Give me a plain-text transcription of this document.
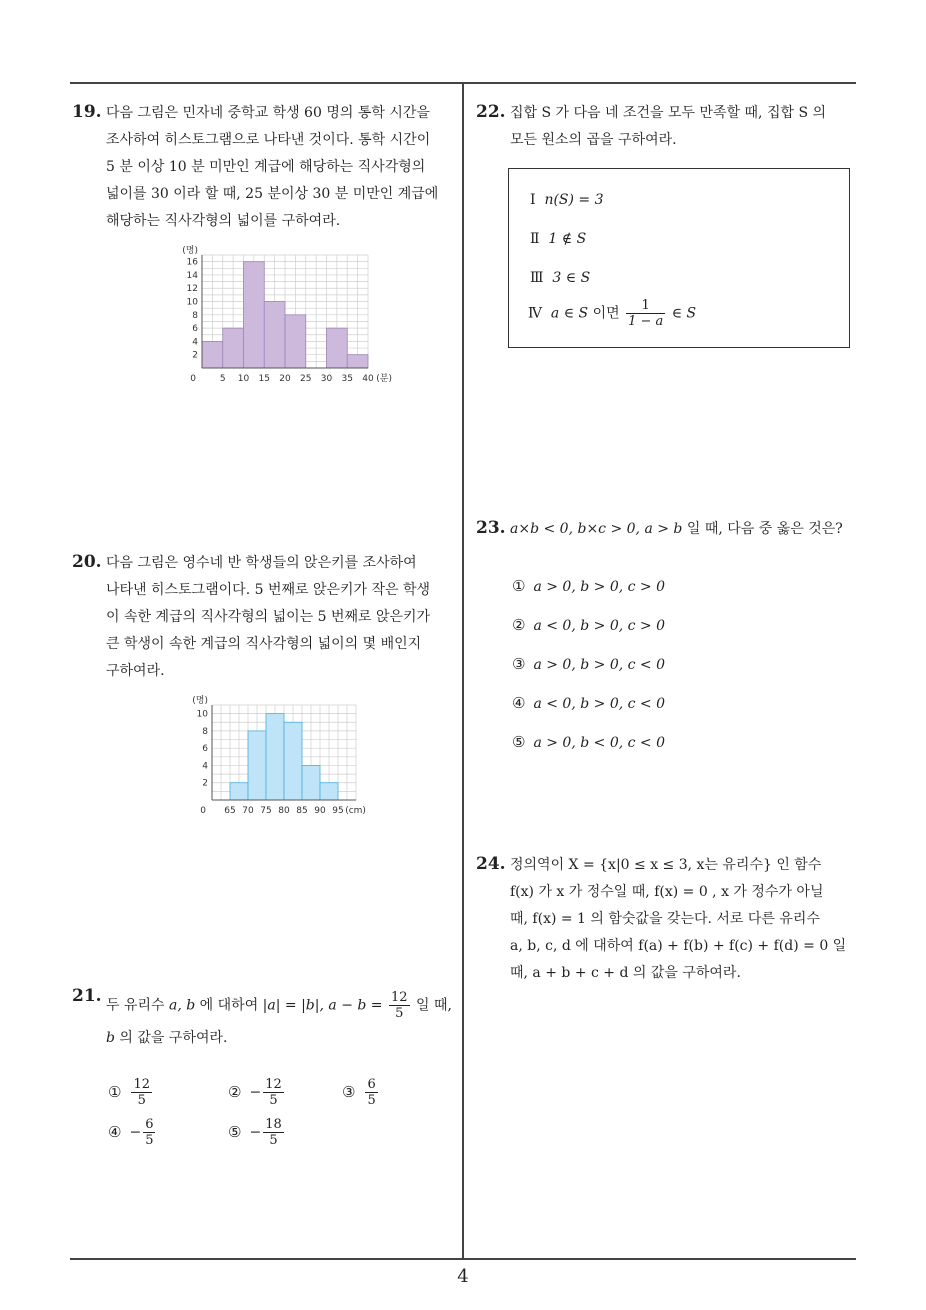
19. 다음 그림은 민자네 중학교 학생 60 명의 통학 시간을
조사하여 히스토그램으로 나타낸 것이다. 통학 시간이
5 분 이상 10 분 미만인 계급에 해당하는 직사각형의
넓이를 30 이라 할 때, 25 분이상 30 분 미만인 계급에
해당하는 직사각형의 넓이를 구하여라.
2
4
6
8
10
12
14
16
(명)
0	5 10 15 20 25 30 35 40 (분)
20. 다음 그림은 영수네 반 학생들의 앉은키를 조사하여
나타낸 히스토그램이다. 5 번째로 앉은키가 작은 학생
이 속한 계급의 직사각형의 넓이는 5 번째로 앉은키가
큰 학생이 속한 계급의 직사각형의 넓이의 몇 배인지
구하여라.
2
4
6
8
10
(명)
0 65 70 75 80 85 90 95 (cm)
21. 두 유리수 a, b 에 대하여 |a| = |b|, $a - b = \frac{12}{5}$ 일 때,
b 의 값을 구하여라.
① $\frac{12}{5}$	② − $\frac{12}{5}$	③ $\frac{6}{5}$
④ − $\frac{6}{5}$	⑤ − $\frac{18}{5}$
22. 집합 S 가 다음 네 조건을 모두 만족할 때, 집합 S 의
모든 원소의 곱을 구하여라.
Ⅰ n(S) = 3
Ⅱ 1 ∉ S
Ⅲ 3 ∈ S
Ⅳ a ∈ S 이면 $\frac{1}{1 - a}$ ∈ S
23. a×b < 0, b×c > 0, a > b 일 때, 다음 중 옳은 것은?
① a > 0, b > 0, c > 0
② a < 0, b > 0, c > 0
③ a > 0, b > 0, c < 0
④ a < 0, b > 0, c < 0
⑤ a > 0, b < 0, c < 0
24. 정의역이 X = {x|0 ≤ x ≤ 3, x는 유리수} 인 함수
f(x) 가 x 가 정수일 때, f(x) = 0 , x 가 정수가 아닐
때, f(x) = 1 의 함숫값을 갖는다. 서로 다른 유리수
a, b, c, d 에 대하여 f(a) + f(b) + f(c) + f(d) = 0 일
때, a + b + c + d 의 값을 구하여라.
4
